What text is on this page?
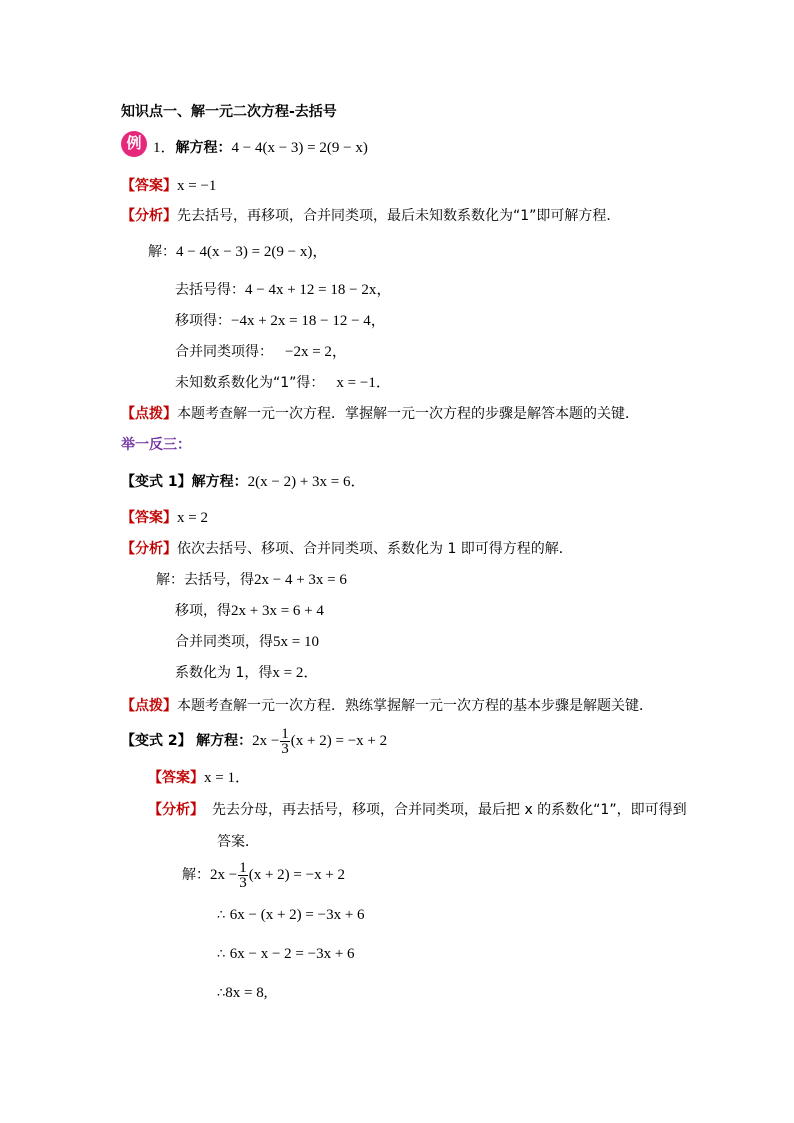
知识点一、解一元二次方程-去括号
例 1．解方程：4 − 4(x − 3) = 2(9 − x)
【答案】x = −1
【分析】先去括号，再移项，合并同类项，最后未知数系数化为“1”即可解方程．
解：4 − 4(x − 3) = 2(9 − x)，
去括号得：4 − 4x + 12 = 18 − 2x，
移项得：−4x + 2x = 18 − 12 − 4，
合并同类项得： −2x = 2，
未知数系数化为“1”得： x = −1．
【点拨】本题考查解一元一次方程．掌握解一元一次方程的步骤是解答本题的关键．
举一反三：
【变式 1】解方程：2(x − 2) + 3x = 6．
【答案】x = 2
【分析】依次去括号、移项、合并同类项、系数化为 1 即可得方程的解．
解：去括号，得2x − 4 + 3x = 6
移项，得2x + 3x = 6 + 4
合并同类项，得5x = 10
系数化为 1，得x = 2．
【点拨】本题考查解一元一次方程．熟练掌握解一元一次方程的基本步骤是解题关键．
【变式 2】 解方程：$2x - \frac{1}{3} (x + 2) = -x + 2$
【答案】x = 1．
【分析】 先去分母，再去括号，移项，合并同类项，最后把 x 的系数化“1”，即可得到
答案．
解：$2x - \frac{1}{3} (x + 2) = -x + 2$
∴ 6x − (x + 2) = −3x + 6
∴ 6x − x − 2 = −3x + 6
∴8x = 8,
